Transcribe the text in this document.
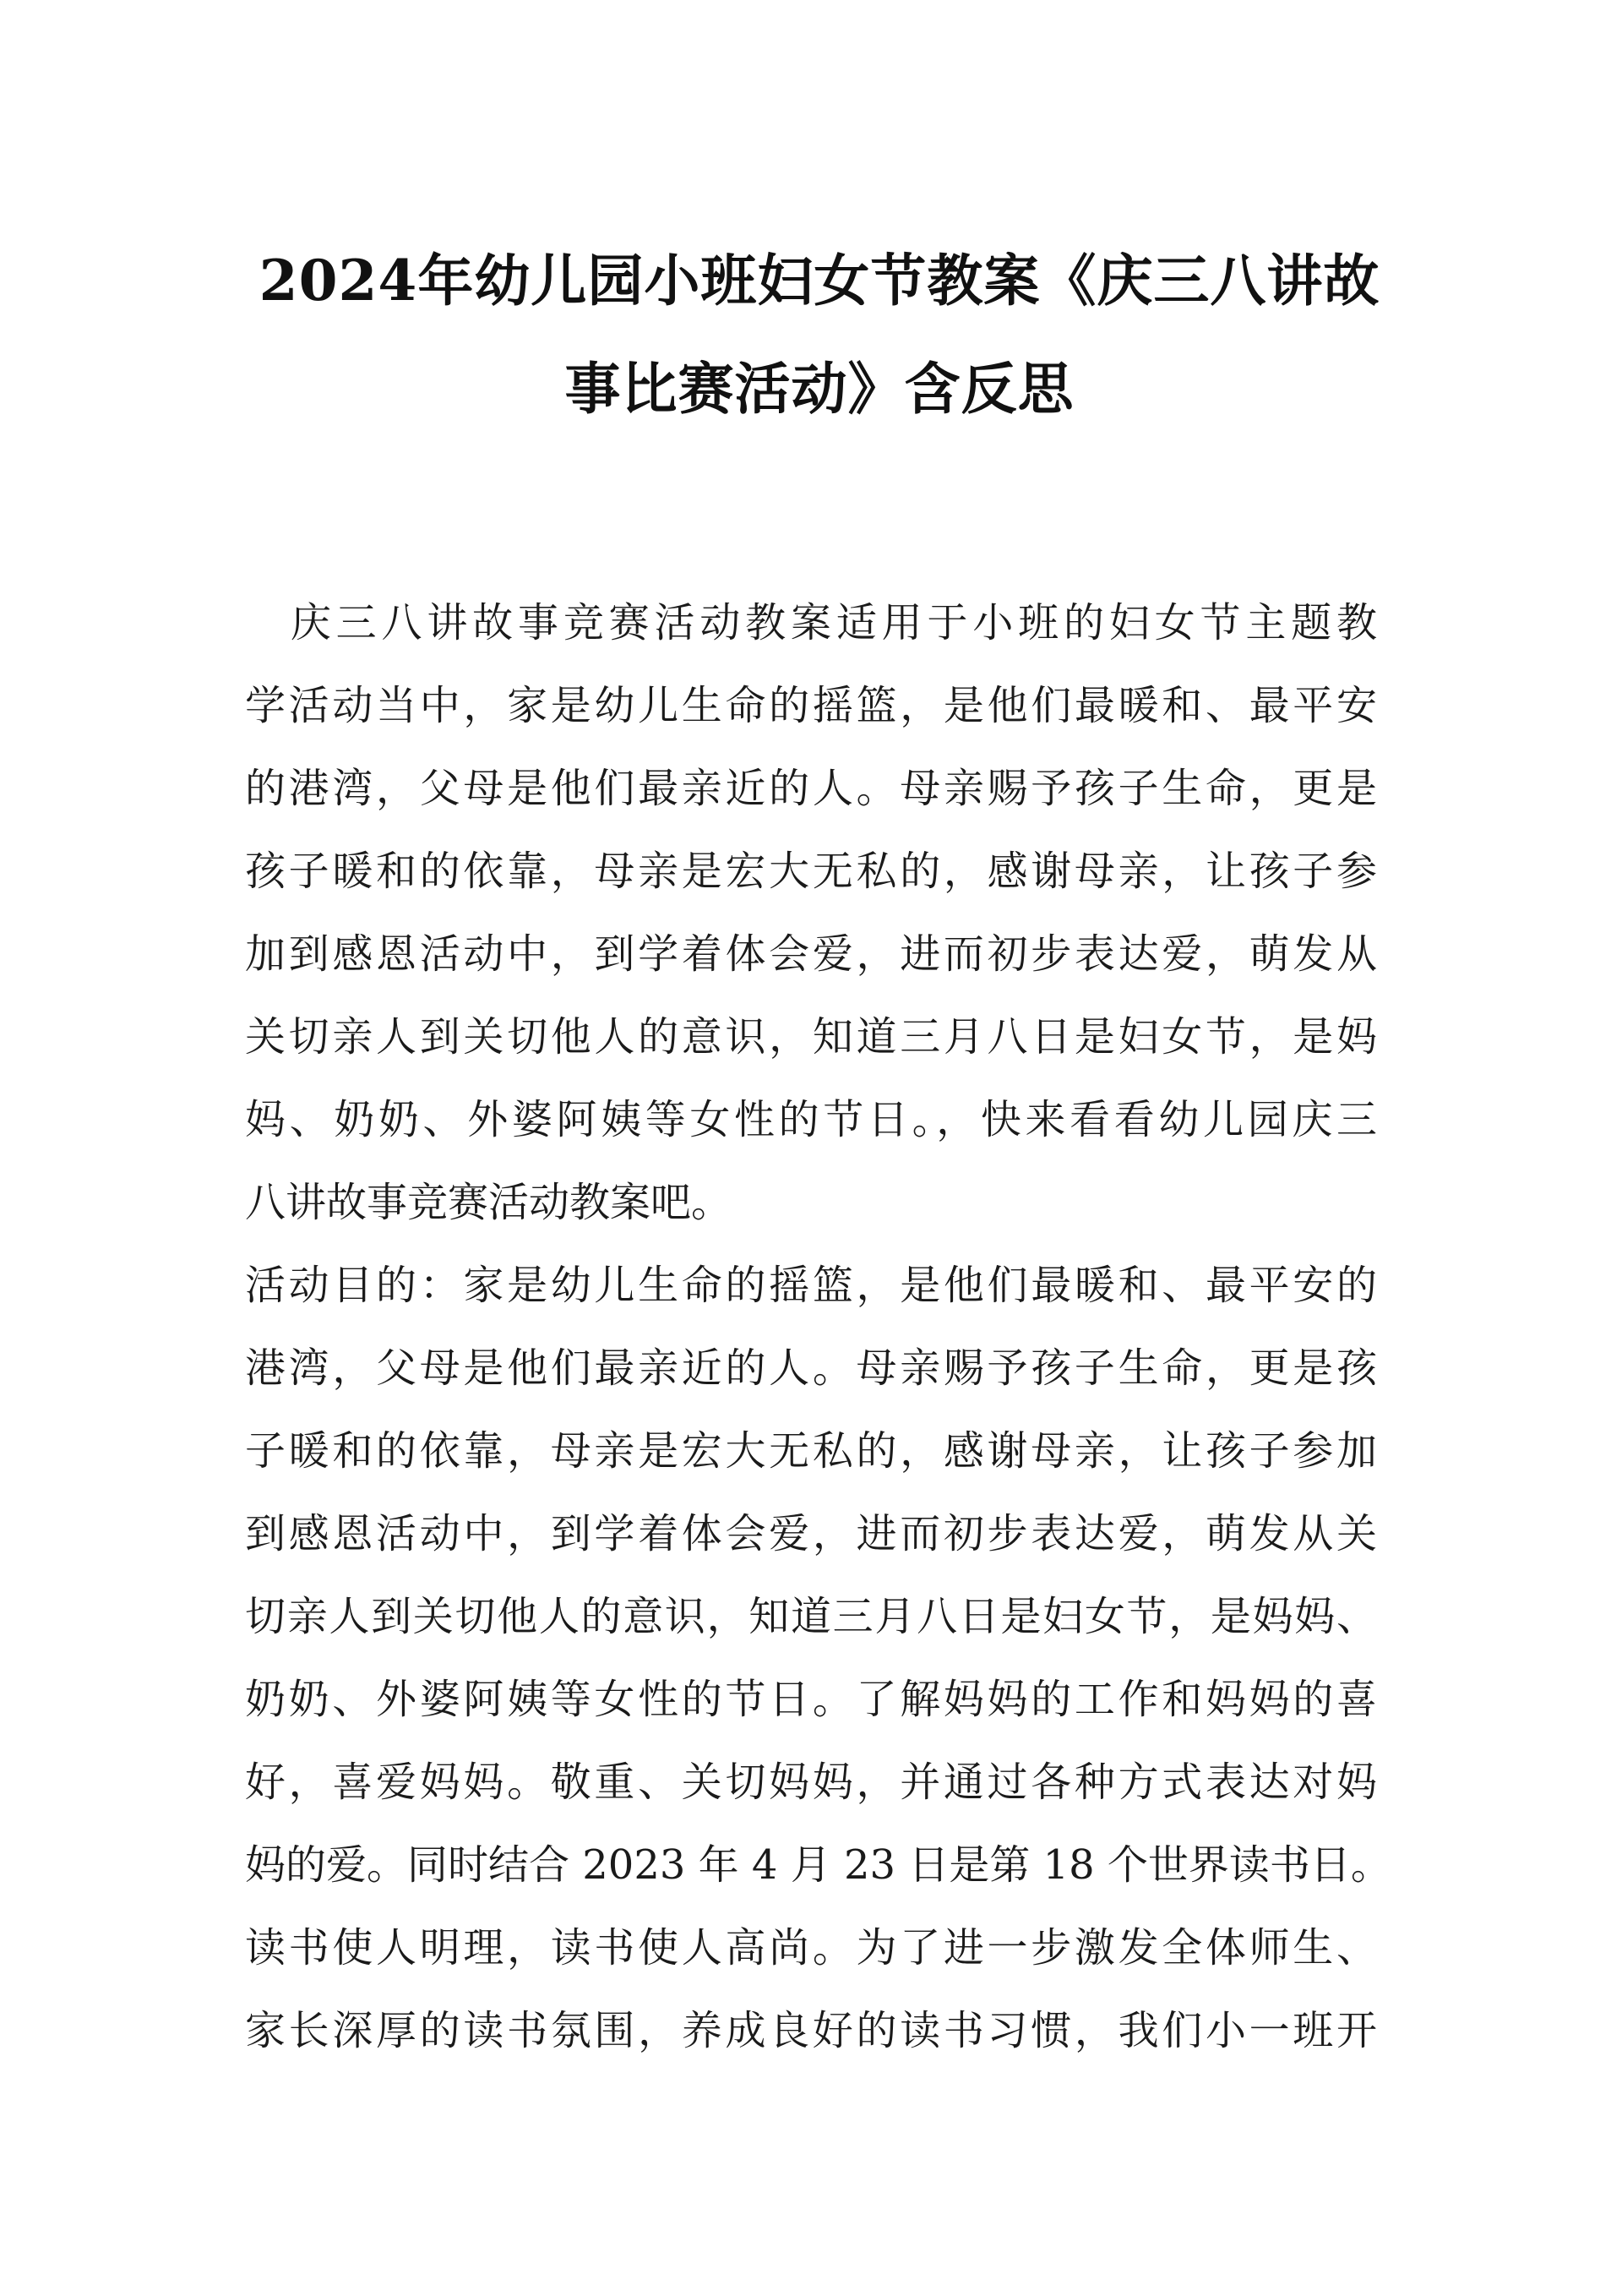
2024年幼儿园小班妇女节教案《庆三八讲故
事比赛活动》含反思
　庆三八讲故事竞赛活动教案适用于小班的妇女节主题教
学活动当中，家是幼儿生命的摇篮，是他们最暖和、最平安
的港湾，父母是他们最亲近的人。母亲赐予孩子生命，更是
孩子暖和的依靠，母亲是宏大无私的，感谢母亲，让孩子参
加到感恩活动中，到学着体会爱，进而初步表达爱，萌发从
关切亲人到关切他人的意识，知道三月八日是妇女节，是妈
妈、奶奶、外婆阿姨等女性的节日。，快来看看幼儿园庆三
八讲故事竞赛活动教案吧。
活动目的：家是幼儿生命的摇篮，是他们最暖和、最平安的
港湾，父母是他们最亲近的人。母亲赐予孩子生命，更是孩
子暖和的依靠，母亲是宏大无私的，感谢母亲，让孩子参加
到感恩活动中，到学着体会爱，进而初步表达爱，萌发从关
切亲人到关切他人的意识，知道三月八日是妇女节，是妈妈、
奶奶、外婆阿姨等女性的节日。了解妈妈的工作和妈妈的喜
好，喜爱妈妈。敬重、关切妈妈，并通过各种方式表达对妈
妈的爱。同时结合 2023 年 4 月 23 日是第 18 个世界读书日。
读书使人明理，读书使人高尚。为了进一步激发全体师生、
家长深厚的读书氛围，养成良好的读书习惯，我们小一班开
